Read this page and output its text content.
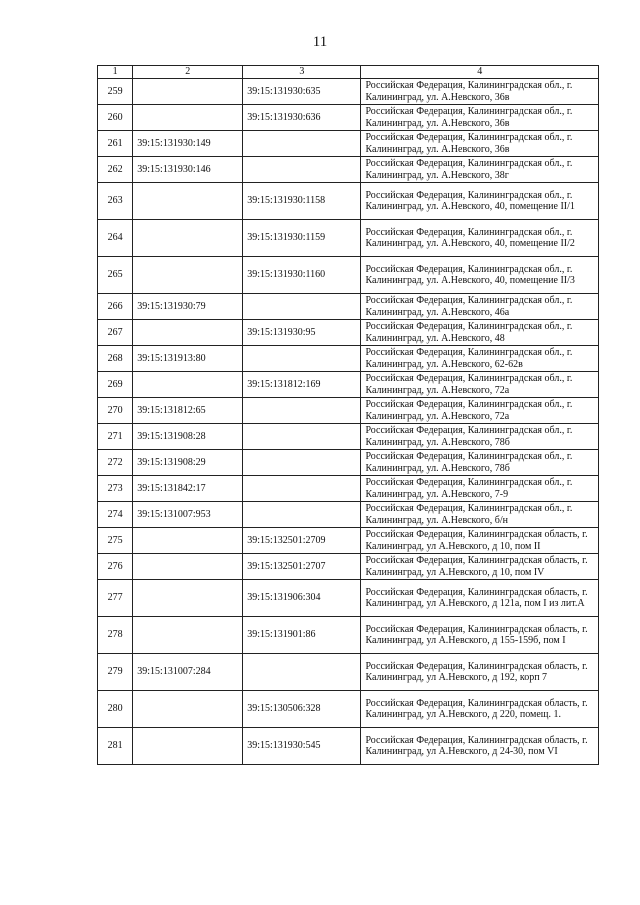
11
1	2	3	4
259		39:15:131930:635	Российская Федерация, Калининградская обл., г. Калининград, ул. А.Невского, 36в
260		39:15:131930:636	Российская Федерация, Калининградская обл., г. Калининград, ул. А.Невского, 36в
261	39:15:131930:149		Российская Федерация, Калининградская обл., г. Калининград, ул. А.Невского, 36в
262	39:15:131930:146		Российская Федерация, Калининградская обл., г. Калининград, ул. А.Невского, 38г
263		39:15:131930:1158	Российская Федерация, Калининградская обл., г. Калининград, ул. А.Невского, 40, помещение II/1
264		39:15:131930:1159	Российская Федерация, Калининградская обл., г. Калининград, ул. А.Невского, 40, помещение II/2
265		39:15:131930:1160	Российская Федерация, Калининградская обл., г. Калининград, ул. А.Невского, 40, помещение II/3
266	39:15:131930:79		Российская Федерация, Калининградская обл., г. Калининград, ул. А.Невского, 46а
267		39:15:131930:95	Российская Федерация, Калининградская обл., г. Калининград, ул. А.Невского, 48
268	39:15:131913:80		Российская Федерация, Калининградская обл., г. Калининград, ул. А.Невского, 62-62в
269		39:15:131812:169	Российская Федерация, Калининградская обл., г. Калининград, ул. А.Невского, 72а
270	39:15:131812:65		Российская Федерация, Калининградская обл., г. Калининград, ул. А.Невского, 72а
271	39:15:131908:28		Российская Федерация, Калининградская обл., г. Калининград, ул. А.Невского, 78б
272	39:15:131908:29		Российская Федерация, Калининградская обл., г. Калининград, ул. А.Невского, 78б
273	39:15:131842:17		Российская Федерация, Калининградская обл., г. Калининград, ул. А.Невского, 7-9
274	39:15:131007:953		Российская Федерация, Калининградская обл., г. Калининград, ул. А.Невского, б/н
275		39:15:132501:2709	Российская Федерация, Калининградская область, г. Калининград, ул А.Невского, д 10, пом II
276		39:15:132501:2707	Российская Федерация, Калининградская область, г. Калининград, ул А.Невского, д 10, пом IV
277		39:15:131906:304	Российская Федерация, Калининградская область, г. Калининград, ул А.Невского, д 121а, пом I из лит.А
278		39:15:131901:86	Российская Федерация, Калининградская область, г. Калининград, ул А.Невского, д 155-159б, пом I
279	39:15:131007:284		Российская Федерация, Калининградская область, г. Калининград, ул А.Невского, д 192, корп 7
280		39:15:130506:328	Российская Федерация, Калининградская область, г. Калининград, ул А.Невского, д 220, помещ. 1.
281		39:15:131930:545	Российская Федерация, Калининградская область, г. Калининград, ул А.Невского, д 24-30, пом VI
